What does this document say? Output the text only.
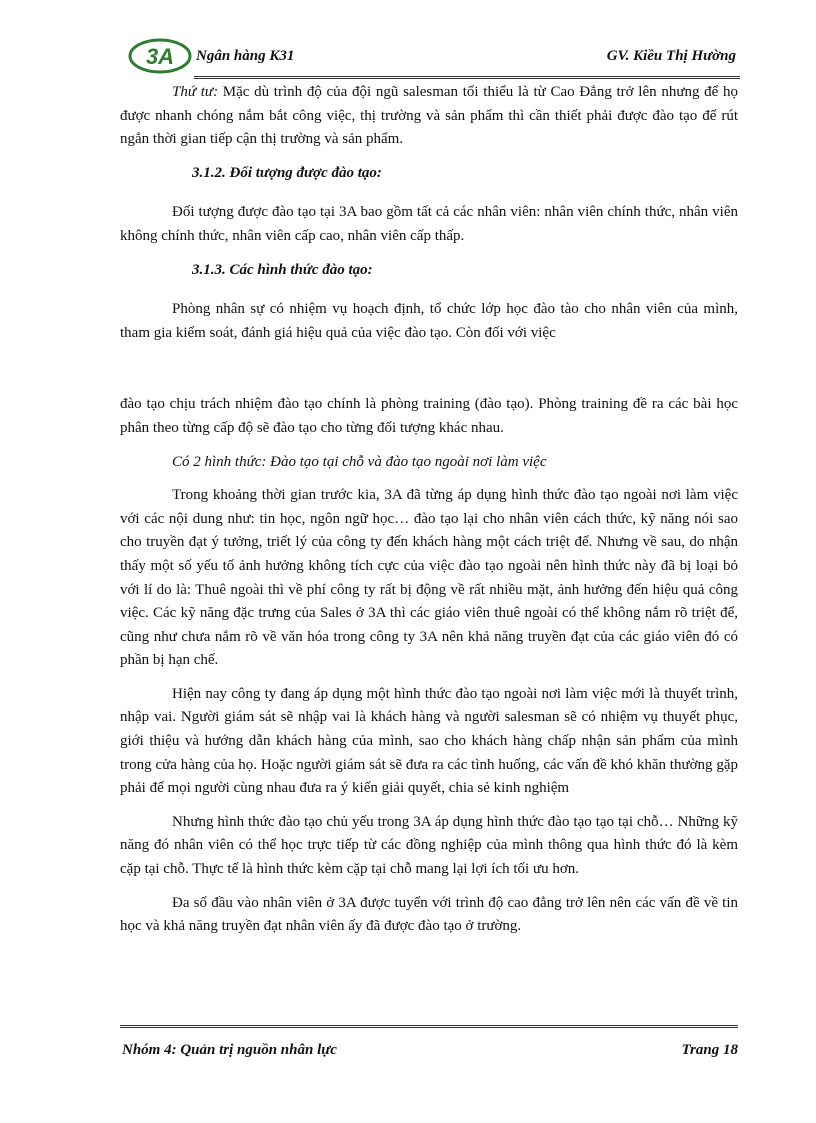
3A Ngân hàng K31	GV. Kiều Thị Hường

Thứ tư: Mặc dù trình độ của đội ngũ salesman tối thiểu là từ Cao Đẳng trở lên nhưng để họ được nhanh chóng nắm bắt công việc, thị trường và sản phẩm thì cần thiết phải được đào tạo để rút ngắn thời gian tiếp cận thị trường và sản phẩm.

3.1.2. Đối tượng được đào tạo:

Đối tượng được đào tạo tại 3A bao gồm tất cả các nhân viên: nhân viên chính thức, nhân viên không chính thức, nhân viên cấp cao, nhân viên cấp thấp.

3.1.3. Các hình thức đào tạo:

Phòng nhân sự có nhiệm vụ hoạch định, tổ chức lớp học đào tào cho nhân viên của mình, tham gia kiểm soát, đánh giá hiệu quả của việc đào tạo. Còn đối với việc

đào tạo chịu trách nhiệm đào tạo chính là phòng training (đào tạo). Phòng training đề ra các bài học phân theo từng cấp độ sẽ đào tạo cho từng đối tượng khác nhau.

Có 2 hình thức: Đào tạo tại chỗ và đào tạo ngoài nơi làm việc

Trong khoảng thời gian trước kia, 3A đã từng áp dụng hình thức đào tạo ngoài nơi làm việc với các nội dung như: tin học, ngôn ngữ học… đào tạo lại cho nhân viên cách thức, kỹ năng nói sao cho truyền đạt ý tưởng, triết lý của công ty đến khách hàng một cách triệt để. Nhưng về sau, do nhận thấy một số yếu tố ảnh hưởng không tích cực của việc đào tạo ngoài nên hình thức này đã bị loại bỏ với lí do là: Thuê ngoài thì về phí công ty rất bị động về rất nhiều mặt, ảnh hưởng đến hiệu quả công việc. Các kỹ năng đặc trưng của Sales ở 3A thì các giáo viên thuê ngoài có thể không nắm rõ triệt để, cũng như chưa nắm rõ về văn hóa trong công ty 3A nên khả năng truyền đạt của các giáo viên đó có phần bị hạn chế.

Hiện nay công ty đang áp dụng một hình thức đào tạo ngoài nơi làm việc mới là thuyết trình, nhập vai. Người giám sát sẽ nhập vai là khách hàng và người salesman sẽ có nhiệm vụ thuyết phục, giới thiệu và hướng dẫn khách hàng của mình, sao cho khách hàng chấp nhận sản phẩm của mình trong cửa hàng của họ. Hoặc người giám sát sẽ đưa ra các tình huống, các vấn đề khó khăn thường gặp phải để mọi người cùng nhau đưa ra ý kiến giải quyết, chia sẻ kinh nghiệm

Nhưng hình thức đào tạo chủ yếu trong 3A áp dụng hình thức đào tạo tạo tại chỗ… Những kỹ năng đó nhân viên có thể học trực tiếp từ các đồng nghiệp của mình thông qua hình thức đó là kèm cặp tại chỗ. Thực tế là hình thức kèm cặp tại chỗ mang lại lợi ích tối ưu hơn.

Đa số đầu vào nhân viên ở 3A được tuyển với trình độ cao đẳng trở lên nên các vấn đề về tin học và khả năng truyền đạt nhân viên ấy đã được đào tạo ở trường.

Nhóm 4: Quản trị nguồn nhân lực	Trang 18
